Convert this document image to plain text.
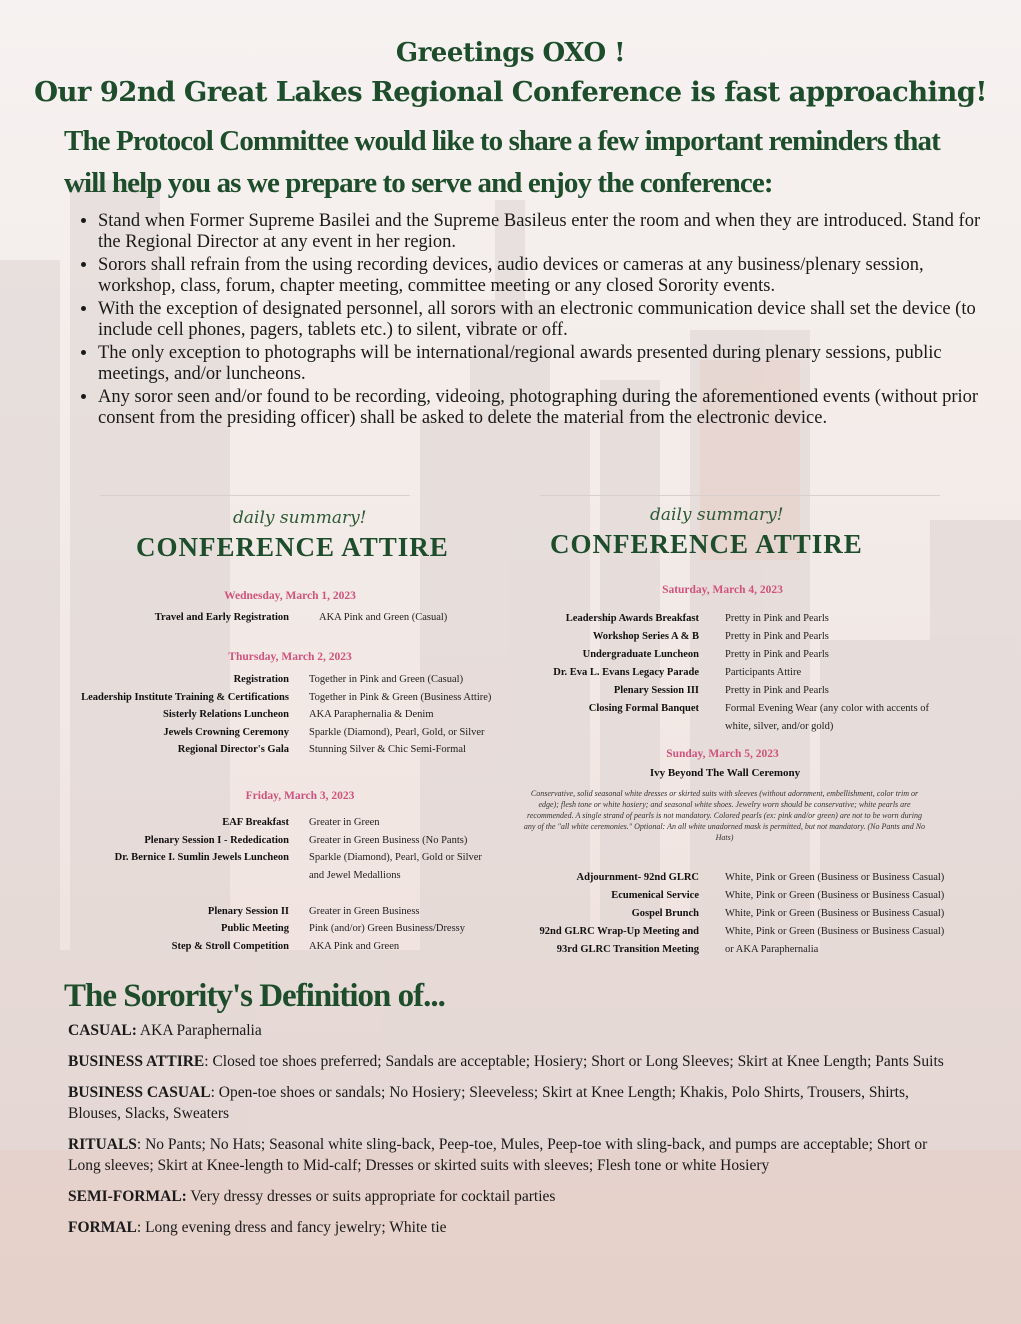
Greetings OXO !
Our 92nd Great Lakes Regional Conference is fast approaching!
The Protocol Committee would like to share a few important reminders that will help you as we prepare to serve and enjoy the conference:
• Stand when Former Supreme Basilei and the Supreme Basileus enter the room and when they are introduced. Stand for the Regional Director at any event in her region.
• Sorors shall refrain from the using recording devices, audio devices or cameras at any business/plenary session, workshop, class, forum, chapter meeting, committee meeting or any closed Sorority events.
• With the exception of designated personnel, all sorors with an electronic communication device shall set the device (to include cell phones, pagers, tablets etc.) to silent, vibrate or off.
• The only exception to photographs will be international/regional awards presented during plenary sessions, public meetings, and/or luncheons.
• Any soror seen and/or found to be recording, videoing, photographing during the aforementioned events (without prior consent from the presiding officer) shall be asked to delete the material from the electronic device.
daily summary!
CONFERENCE ATTIRE
Wednesday, March 1, 2023
Travel and Early Registration	AKA Pink and Green (Casual)
Thursday, March 2, 2023
Registration Together in Pink and Green (Casual)
Leadership Institute Training & Certifications Together in Pink & Green (Business Attire)
Sisterly Relations Luncheon AKA Paraphernalia & Denim
Jewels Crowning Ceremony Sparkle (Diamond), Pearl, Gold, or Silver
Regional Director's Gala Stunning Silver & Chic Semi-Formal
Friday, March 3, 2023
EAF Breakfast Greater in Green
Plenary Session I - Rededication Greater in Green Business (No Pants)
Dr. Bernice I. Sumlin Jewels Luncheon Sparkle (Diamond), Pearl, Gold or Silver and Jewel Medallions
Plenary Session II Greater in Green Business
Public Meeting Pink (and/or) Green Business/Dressy
Step & Stroll Competition AKA Pink and Green
daily summary!
CONFERENCE ATTIRE
Saturday, March 4, 2023
Leadership Awards Breakfast Pretty in Pink and Pearls
Workshop Series A & B Pretty in Pink and Pearls
Undergraduate Luncheon Pretty in Pink and Pearls
Dr. Eva L. Evans Legacy Parade Participants Attire
Plenary Session III Pretty in Pink and Pearls
Closing Formal Banquet Formal Evening Wear (any color with accents of white, silver, and/or gold)
Sunday, March 5, 2023
Ivy Beyond The Wall Ceremony
Conservative, solid seasonal white dresses or skirted suits with sleeves (without adornment, embellishment, color trim or edge); flesh tone or white hosiery; and seasonal white shoes. Jewelry worn should be conservative; white pearls are recommended. A single strand of pearls is not mandatory. Colored pearls (ex: pink and/or green) are not to be worn during any of the "all white ceremonies." Optional: An all white unadorned mask is permitted, but not mandatory. (No Pants and No Hats)
Adjournment- 92nd GLRC White, Pink or Green (Business or Business Casual)
Ecumenical Service White, Pink or Green (Business or Business Casual)
Gospel Brunch White, Pink or Green (Business or Business Casual)
92nd GLRC Wrap-Up Meeting and White, Pink or Green (Business or Business Casual)
93rd GLRC Transition Meeting or AKA Paraphernalia
The Sorority's Definition of...

CASUAL: AKA Paraphernalia

BUSINESS ATTIRE: Closed toe shoes preferred; Sandals are acceptable; Hosiery; Short or Long Sleeves; Skirt at Knee Length; Pants Suits

BUSINESS CASUAL: Open-toe shoes or sandals; No Hosiery; Sleeveless; Skirt at Knee Length; Khakis, Polo Shirts, Trousers, Shirts, Blouses, Slacks, Sweaters

RITUALS: No Pants; No Hats; Seasonal white sling-back, Peep-toe, Mules, Peep-toe with sling-back, and pumps are acceptable; Short or Long sleeves; Skirt at Knee-length to Mid-calf; Dresses or skirted suits with sleeves; Flesh tone or white Hosiery

SEMI-FORMAL: Very dressy dresses or suits appropriate for cocktail parties

FORMAL: Long evening dress and fancy jewelry; White tie
